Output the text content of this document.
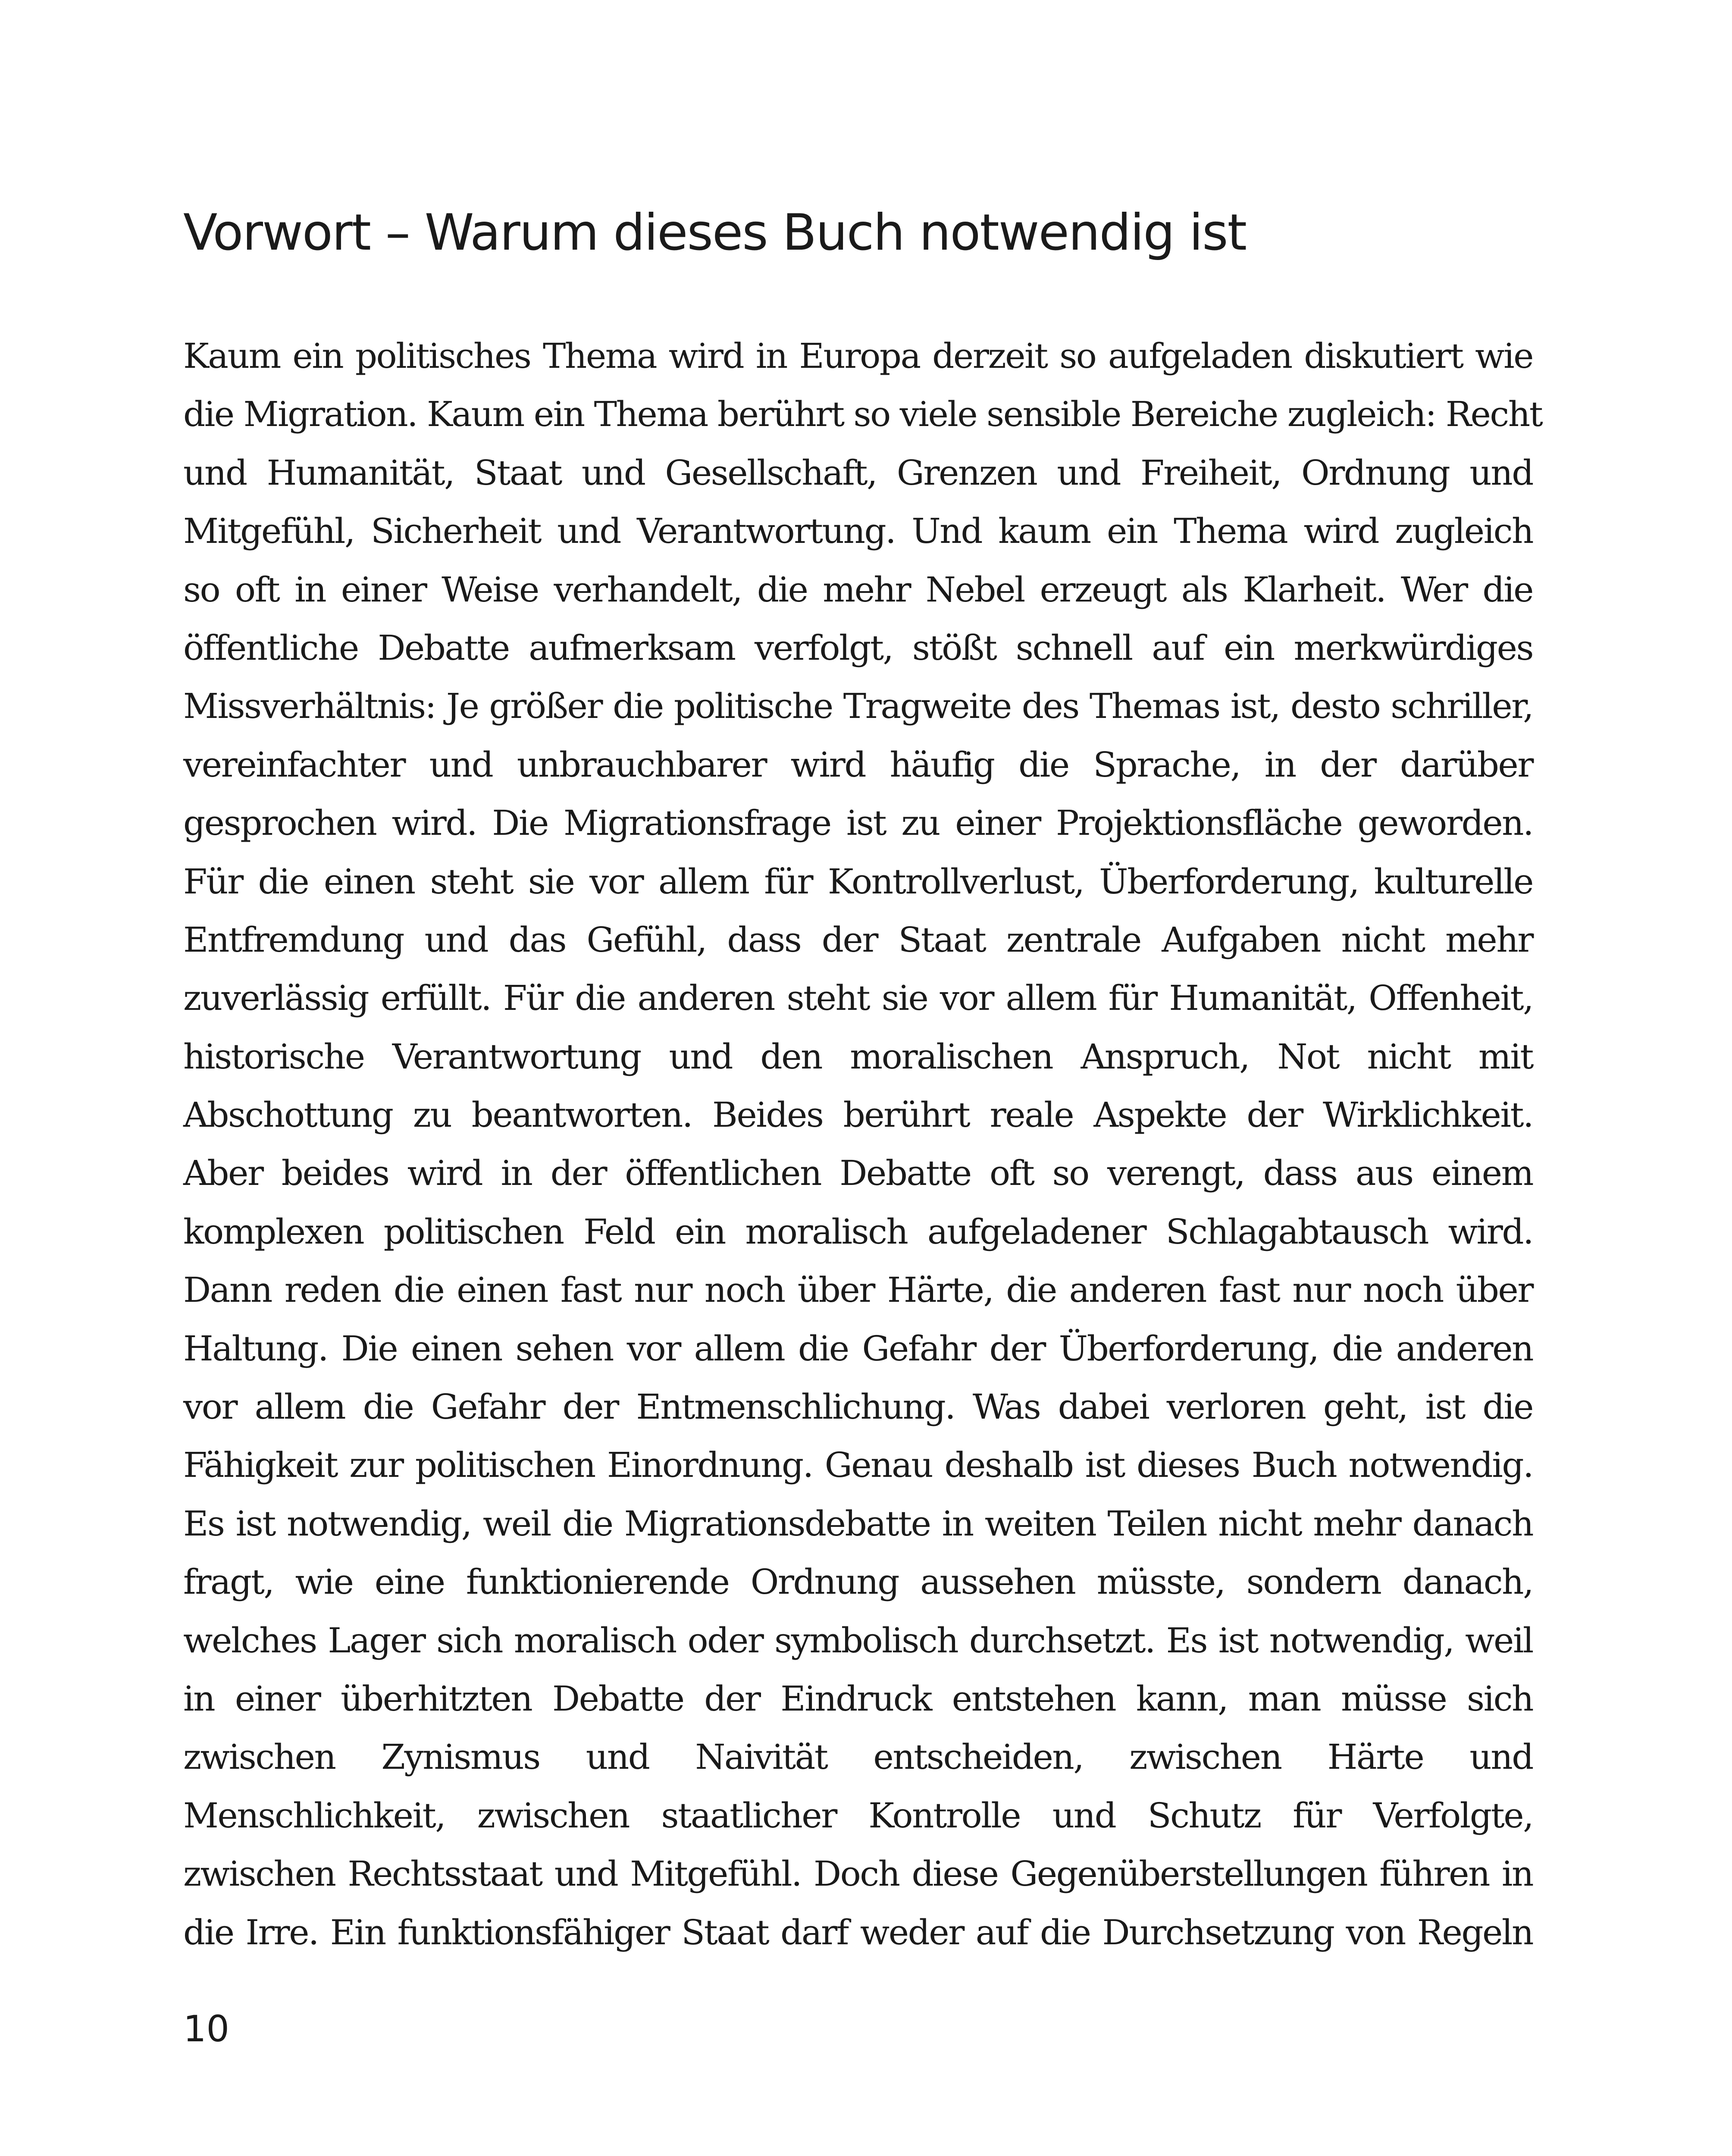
Vorwort – Warum dieses Buch notwendig ist
Kaum ein politisches Thema wird in Europa derzeit so aufgeladen diskutiert wie
die Migration. Kaum ein Thema berührt so viele sensible Bereiche zugleich: Recht
und Humanität, Staat und Gesellschaft, Grenzen und Freiheit, Ordnung und
Mitgefühl, Sicherheit und Verantwortung. Und kaum ein Thema wird zugleich
so oft in einer Weise verhandelt, die mehr Nebel erzeugt als Klarheit. Wer die
öffentliche Debatte aufmerksam verfolgt, stößt schnell auf ein merkwürdiges
Missverhältnis: Je größer die politische Tragweite des Themas ist, desto schriller,
vereinfachter und unbrauchbarer wird häufig die Sprache, in der darüber
gesprochen wird. Die Migrationsfrage ist zu einer Projektionsfläche geworden.
Für die einen steht sie vor allem für Kontrollverlust, Überforderung, kulturelle
Entfremdung und das Gefühl, dass der Staat zentrale Aufgaben nicht mehr
zuverlässig erfüllt. Für die anderen steht sie vor allem für Humanität, Offenheit,
historische Verantwortung und den moralischen Anspruch, Not nicht mit
Abschottung zu beantworten. Beides berührt reale Aspekte der Wirklichkeit.
Aber beides wird in der öffentlichen Debatte oft so verengt, dass aus einem
komplexen politischen Feld ein moralisch aufgeladener Schlagabtausch wird.
Dann reden die einen fast nur noch über Härte, die anderen fast nur noch über
Haltung. Die einen sehen vor allem die Gefahr der Überforderung, die anderen
vor allem die Gefahr der Entmenschlichung. Was dabei verloren geht, ist die
Fähigkeit zur politischen Einordnung. Genau deshalb ist dieses Buch notwendig.
Es ist notwendig, weil die Migrationsdebatte in weiten Teilen nicht mehr danach
fragt, wie eine funktionierende Ordnung aussehen müsste, sondern danach,
welches Lager sich moralisch oder symbolisch durchsetzt. Es ist notwendig, weil
in einer überhitzten Debatte der Eindruck entstehen kann, man müsse sich
zwischen Zynismus und Naivität entscheiden, zwischen Härte und
Menschlichkeit, zwischen staatlicher Kontrolle und Schutz für Verfolgte,
zwischen Rechtsstaat und Mitgefühl. Doch diese Gegenüberstellungen führen in
die Irre. Ein funktionsfähiger Staat darf weder auf die Durchsetzung von Regeln
10
